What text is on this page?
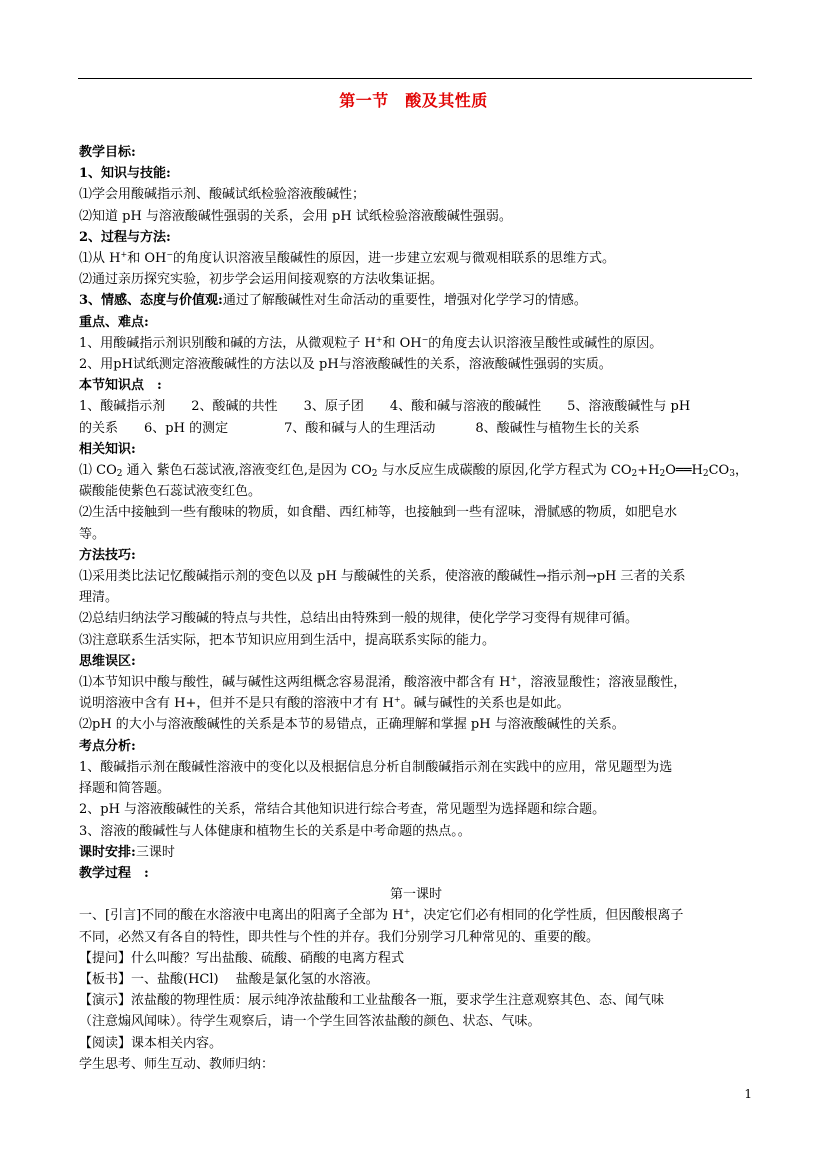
第一节　酸及其性质

教学目标:

1、知识与技能:

⑴学会用酸碱指示剂、酸碱试纸检验溶液酸碱性；

⑵知道 pH 与溶液酸碱性强弱的关系，会用 pH 试纸检验溶液酸碱性强弱。

2、过程与方法:

⑴从 H+和 OH−的角度认识溶液呈酸碱性的原因，进一步建立宏观与微观相联系的思维方式。

⑵通过亲历探究实验，初步学会运用间接观察的方法收集证据。

3、情感、态度与价值观:通过了解酸碱性对生命活动的重要性，增强对化学学习的情感。

重点、难点:

1、用酸碱指示剂识别酸和碱的方法，从微观粒子 H+和 OH−的角度去认识溶液呈酸性或碱性的原因。

2、用pH试纸测定溶液酸碱性的方法以及 pH与溶液酸碱性的关系，溶液酸碱性强弱的实质。

本节知识点　:

1、酸碱指示剂 2、酸碱的共性 3、原子团 4、酸和碱与溶液的酸碱性 5、溶液酸碱性与 pH

的关系 6、pH 的测定	7、酸和碱与人的生理活动	8、酸碱性与植物生长的关系

相关知识:

⑴ $CO_2$ 通入 紫色石蕊试液,溶液变红色,是因为 $CO_2$ 与水反应生成碳酸的原因,化学方程式为 $CO_2+H_2O══H_2CO_3$，

碳酸能使紫色石蕊试液变红色。

⑵生活中接触到一些有酸味的物质，如食醋、西红柿等，也接触到一些有涩味，滑腻感的物质，如肥皂水

等。

方法技巧:

⑴采用类比法记忆酸碱指示剂的变色以及 pH 与酸碱性的关系，使溶液的酸碱性→指示剂→pH 三者的关系

理清。

⑵总结归纳法学习酸碱的特点与共性，总结出由特殊到一般的规律，使化学学习变得有规律可循。

⑶注意联系生活实际，把本节知识应用到生活中，提高联系实际的能力。

思维误区:

⑴本节知识中酸与酸性，碱与碱性这两组概念容易混淆，酸溶液中都含有 H+，溶液显酸性；溶液显酸性，

说明溶液中含有 H+，但并不是只有酸的溶液中才有 H+。碱与碱性的关系也是如此。

⑵pH 的大小与溶液酸碱性的关系是本节的易错点，正确理解和掌握 pH 与溶液酸碱性的关系。

考点分析:

1、酸碱指示剂在酸碱性溶液中的变化以及根据信息分析自制酸碱指示剂在实践中的应用，常见题型为选

择题和简答题。

2、pH 与溶液酸碱性的关系，常结合其他知识进行综合考查，常见题型为选择题和综合题。

3、溶液的酸碱性与人体健康和植物生长的关系是中考命题的热点。。

课时安排:三课时

教学过程　:

第一课时

一、[引言]不同的酸在水溶液中电离出的阳离子全部为 H+，决定它们必有相同的化学性质，但因酸根离子

不同，必然又有各自的特性，即共性与个性的并存。我们分别学习几种常见的、重要的酸。

【提问】什么叫酸？写出盐酸、硫酸、硝酸的电离方程式

【板书】一、盐酸(HCl)　 盐酸是氯化氢的水溶液。

【演示】浓盐酸的物理性质：展示纯净浓盐酸和工业盐酸各一瓶，要求学生注意观察其色、态、闻气味

（注意煽风闻味）。待学生观察后，请一个学生回答浓盐酸的颜色、状态、气味。

【阅读】课本相关内容。

学生思考、师生互动、教师归纳：

1
